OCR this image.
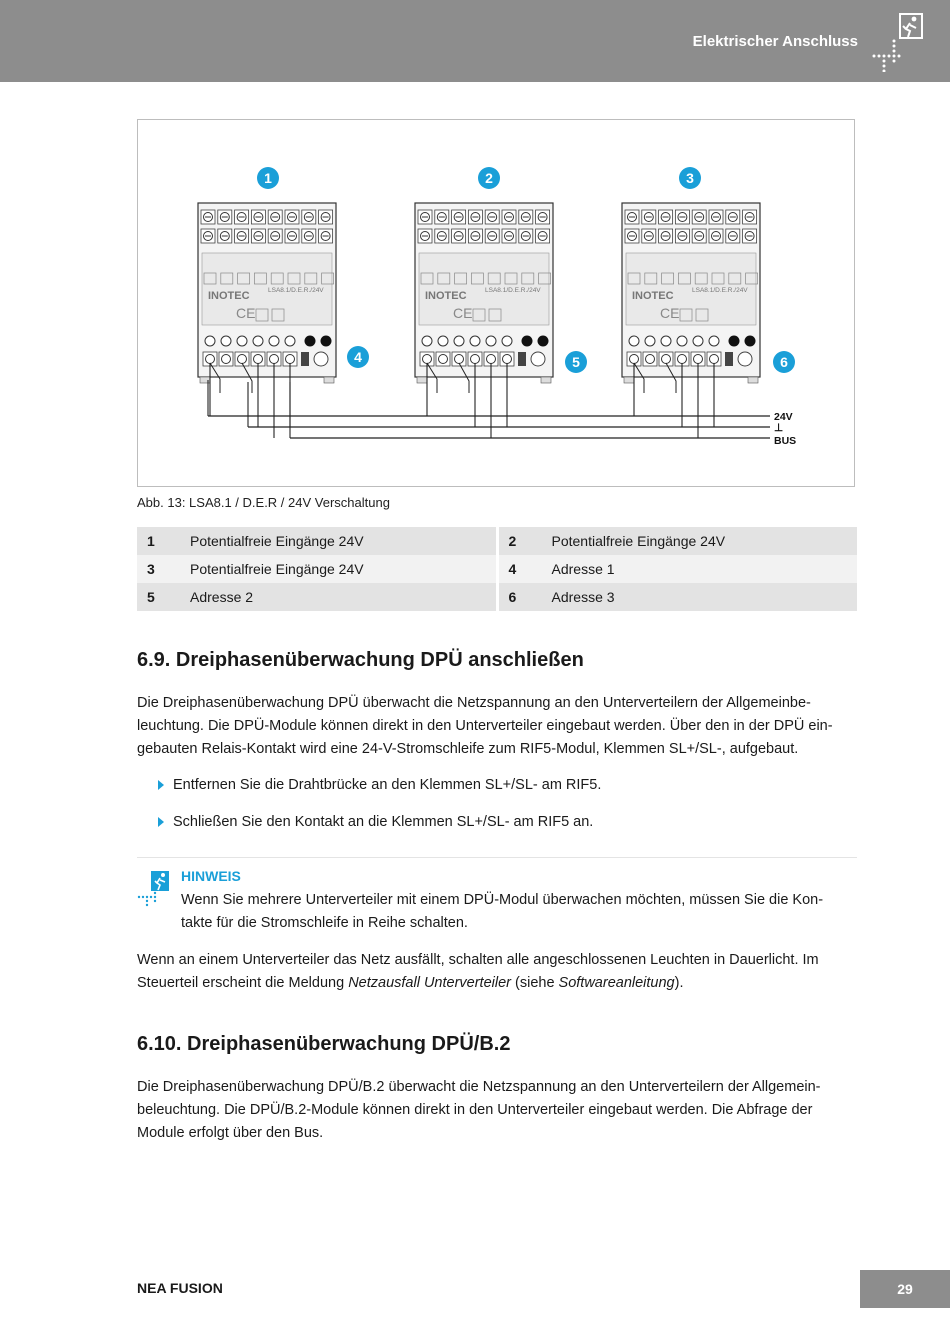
Elektrischer Anschluss
INOTEC	LSA8.1/D.E.R./24V
CE
INOTEC	LSA8.1/D.E.R./24V
CE
INOTEC	LSA8.1/D.E.R./24V
CE
24V
⊥
BUS
1	2	3
4	5	6
Abb. 13: LSA8.1 / D.E.R / 24V Verschaltung
1	Potentialfreie Eingänge 24V	2	Potentialfreie Eingänge 24V
3	Potentialfreie Eingänge 24V	4	Adresse 1
5	Adresse 2	6	Adresse 3
6.9. Dreiphasenüberwachung DPÜ anschließen
Die Dreiphasenüberwachung DPÜ überwacht die Netzspannung an den Unterverteilern der Allgemeinbe-
leuchtung. Die DPÜ-Module können direkt in den Unterverteiler eingebaut werden. Über den in der DPÜ ein-
gebauten Relais-Kontakt wird eine 24-V-Stromschleife zum RIF5-Modul, Klemmen SL+/SL-, aufgebaut.
Entfernen Sie die Drahtbrücke an den Klemmen SL+/SL- am RIF5.
Schließen Sie den Kontakt an die Klemmen SL+/SL- am RIF5 an.
HINWEIS
Wenn Sie mehrere Unterverteiler mit einem DPÜ-Modul überwachen möchten, müssen Sie die Kon-
takte für die Stromschleife in Reihe schalten.
Wenn an einem Unterverteiler das Netz ausfällt, schalten alle angeschlossenen Leuchten in Dauerlicht. Im
Steuerteil erscheint die Meldung Netzausfall Unterverteiler (siehe Softwareanleitung).
6.10. Dreiphasenüberwachung DPÜ/B.2
Die Dreiphasenüberwachung DPÜ/B.2 überwacht die Netzspannung an den Unterverteilern der Allgemein-
beleuchtung. Die DPÜ/B.2-Module können direkt in den Unterverteiler eingebaut werden. Die Abfrage der
Module erfolgt über den Bus.
NEA FUSION	29
